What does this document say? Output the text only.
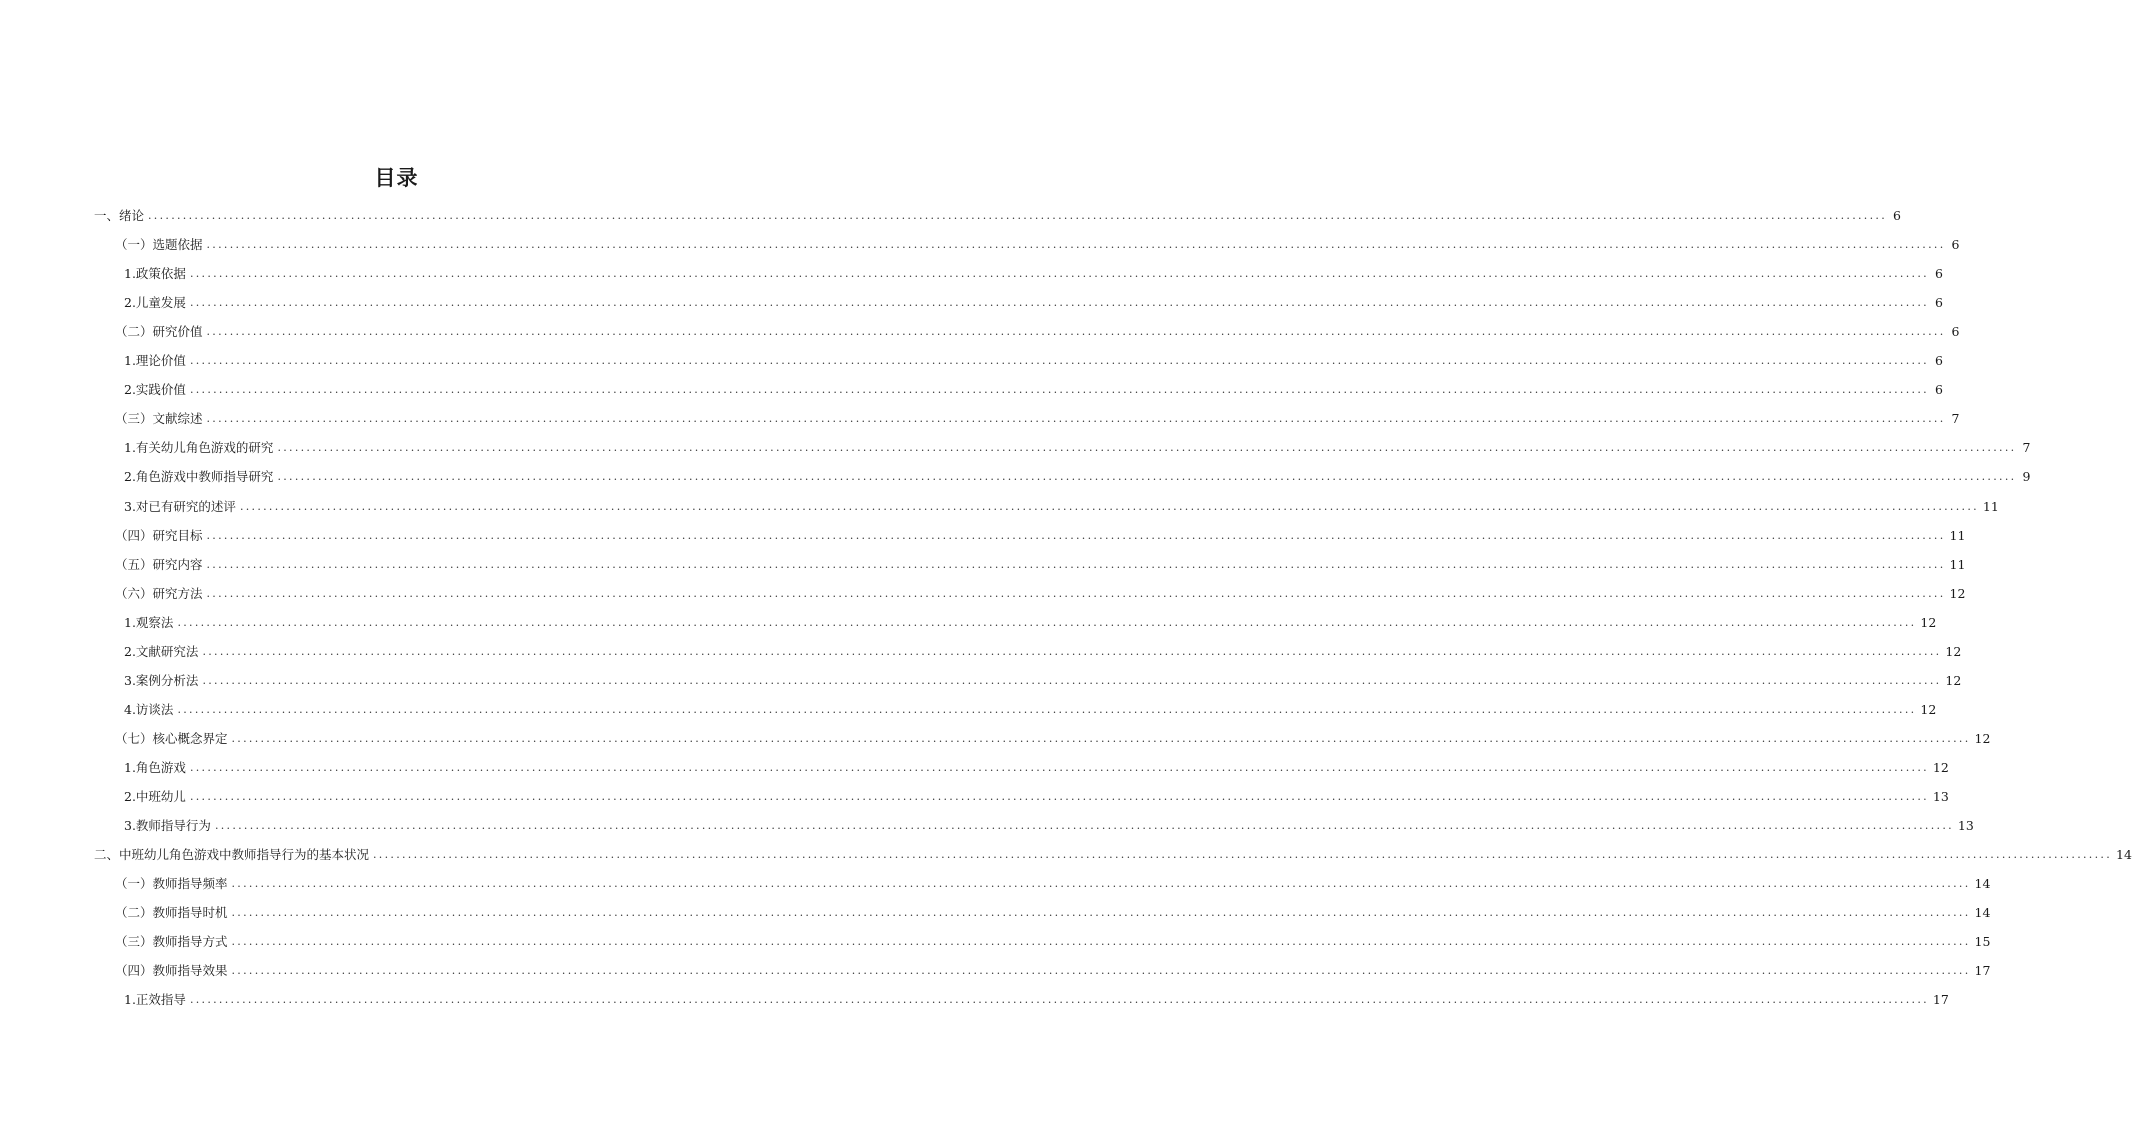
目录
一、绪论 ............................................................................................................................................................................................................................................................................................................ 6
（一）选题依据 ............................................................................................................................................................................................................................................................................................................ 6
1.政策依据 ............................................................................................................................................................................................................................................................................................................ 6
2.儿童发展 ............................................................................................................................................................................................................................................................................................................ 6
（二）研究价值 ............................................................................................................................................................................................................................................................................................................ 6
1.理论价值 ............................................................................................................................................................................................................................................................................................................ 6
2.实践价值 ............................................................................................................................................................................................................................................................................................................ 6
（三）文献综述 ............................................................................................................................................................................................................................................................................................................ 7
1.有关幼儿角色游戏的研究 ............................................................................................................................................................................................................................................................................................................ 7
2.角色游戏中教师指导研究 ............................................................................................................................................................................................................................................................................................................ 9
3.对已有研究的述评 ............................................................................................................................................................................................................................................................................................................ 11
（四）研究目标 ............................................................................................................................................................................................................................................................................................................ 11
（五）研究内容 ............................................................................................................................................................................................................................................................................................................ 11
（六）研究方法 ............................................................................................................................................................................................................................................................................................................ 12
1.观察法 ............................................................................................................................................................................................................................................................................................................ 12
2.文献研究法 ............................................................................................................................................................................................................................................................................................................ 12
3.案例分析法 ............................................................................................................................................................................................................................................................................................................ 12
4.访谈法 ............................................................................................................................................................................................................................................................................................................ 12
（七）核心概念界定 ............................................................................................................................................................................................................................................................................................................ 12
1.角色游戏 ............................................................................................................................................................................................................................................................................................................ 12
2.中班幼儿 ............................................................................................................................................................................................................................................................................................................ 13
3.教师指导行为 ............................................................................................................................................................................................................................................................................................................ 13
二、中班幼儿角色游戏中教师指导行为的基本状况 ............................................................................................................................................................................................................................................................................................................ 14
（一）教师指导频率 ............................................................................................................................................................................................................................................................................................................ 14
（二）教师指导时机 ............................................................................................................................................................................................................................................................................................................ 14
（三）教师指导方式 ............................................................................................................................................................................................................................................................................................................ 15
（四）教师指导效果 ............................................................................................................................................................................................................................................................................................................ 17
1.正效指导 ............................................................................................................................................................................................................................................................................................................ 17
